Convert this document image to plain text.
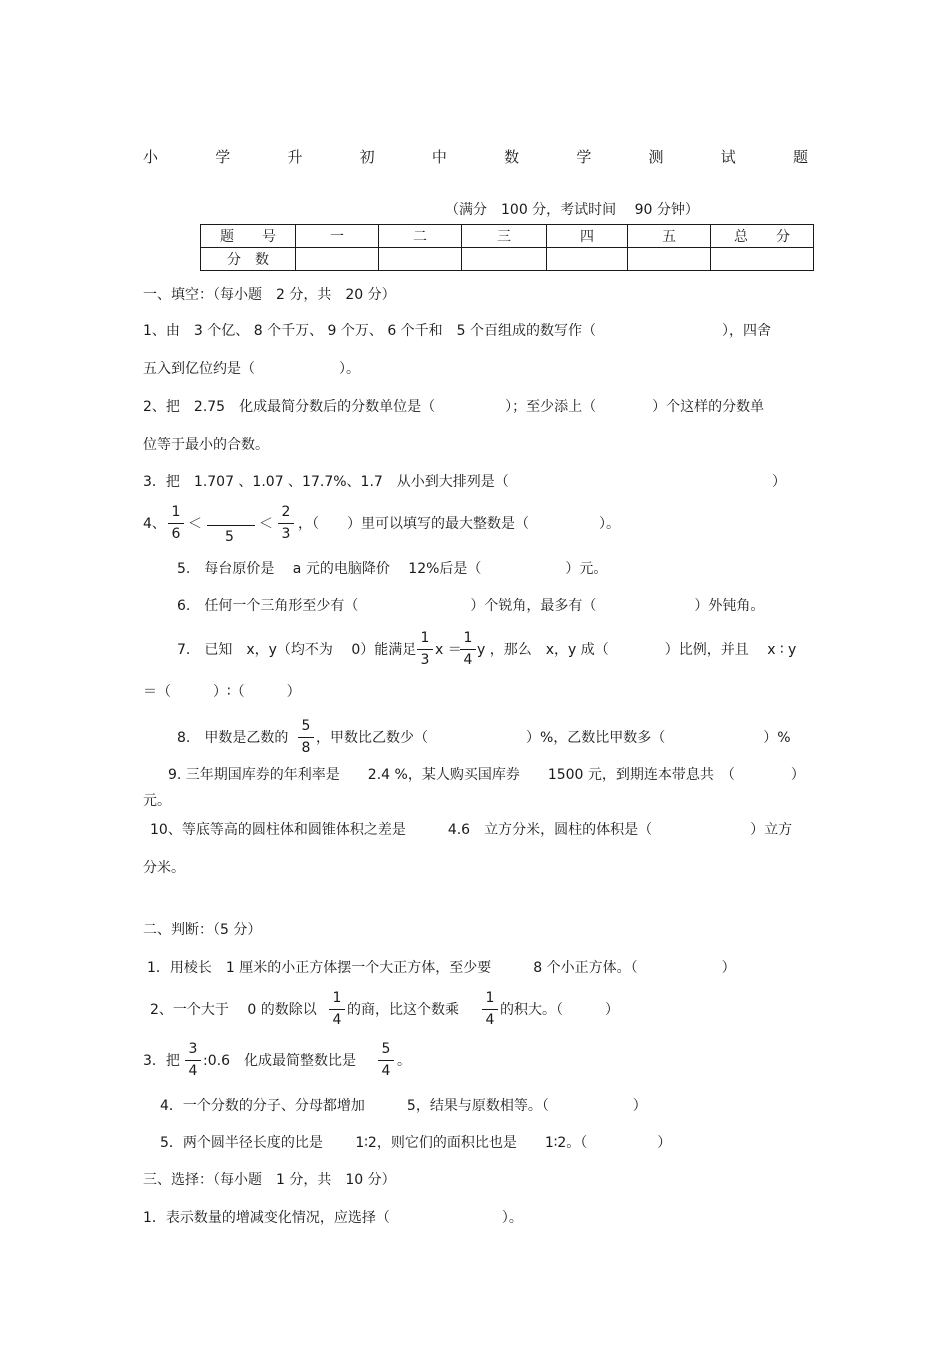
小	学	升	初	中	数	学	测	试	题
（满分　100 分，考试时间　 90 分钟）
题　　号	一	二	三	四	五	总　　分
分　数						
一、填空：（每小题　2 分，共　20 分）
1、由　3 个亿、 8 个千万、 9 个万、 6 个千和　5 个百组成的数写作（　　　　　　　　　），四舍
五入到亿位约是（　　　　　　）。
2、把　2.75　化成最简分数后的分数单位是（　　　　　）；至少添上（　　　　）个这样的分数单
位等于最小的合数。
3．把　1.707 、1.07 、17.7%、1.7　从小到大排列是（	）
4、
1
6
＜
5
＜
2
3
，（　　）里可以填写的最大整数是（　　　　　）。
5.　每台原价是　 a 元的电脑降价　 12%后是（　　　　　　）元。
6.　任何一个三角形至少有（　　　　　　　　）个锐角，最多有（　　　　　　　）外钝角。
7.　已知　x，y（均不为　 0）能满足
1
3
x ＝
1
4
y ，那么　x，y 成（　　　　）比例，并且　 x ∶ y
＝（　　　）∶（　　　）
8.　甲数是乙数的
5
8
，甲数比乙数少（　　　　　　　）%，乙数比甲数多（　　　　　　　）%
9. 三年期国库券的年利率是　　2.4 %，某人购买国库券　　1500 元，到期连本带息共　（　　　　）
元。
10、等底等高的圆柱体和圆锥体积之差是　　　4.6　立方分米，圆柱的体积是（　　　　　　　）立方
分米。
二、判断：（5 分）
1．用棱长　1 厘米的小正方体摆一个大正方体，至少要　　　8 个小正方体。（　　　　　　）
2、一个大于　 0 的数除以
1
4
的商，比这个数乘
1
4
的积大。（　　　）
3．把
3
4
:0.6　化成最简整数比是
5
4
。
4．一个分数的分子、分母都增加　　　5，结果与原数相等。（　　　　　　）
5．两个圆半径长度的比是　　 1∶2，则它们的面积比也是　　1∶2。（　　　　　）
三、选择：（每小题　1 分，共　10 分）
1．表示数量的增减变化情况，应选择（　　　　　　　　）。
